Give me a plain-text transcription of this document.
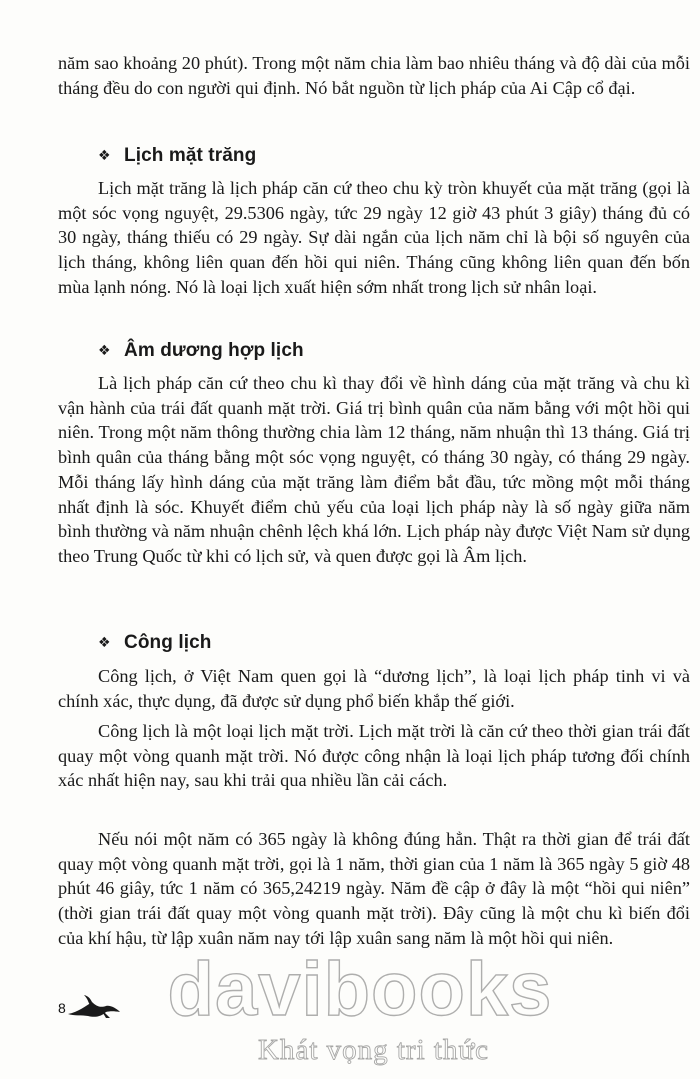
năm sao khoảng 20 phút). Trong một năm chia làm bao nhiêu tháng và độ dài của mỗi tháng đều do con người qui định. Nó bắt nguồn từ lịch pháp của Ai Cập cổ đại.

❖ Lịch mặt trăng

Lịch mặt trăng là lịch pháp căn cứ theo chu kỳ tròn khuyết của mặt trăng (gọi là một sóc vọng nguyệt, 29.5306 ngày, tức 29 ngày 12 giờ 43 phút 3 giây) tháng đủ có 30 ngày, tháng thiếu có 29 ngày. Sự dài ngắn của lịch năm chỉ là bội số nguyên của lịch tháng, không liên quan đến hồi qui niên. Tháng cũng không liên quan đến bốn mùa lạnh nóng. Nó là loại lịch xuất hiện sớm nhất trong lịch sử nhân loại.

❖ Âm dương hợp lịch

Là lịch pháp căn cứ theo chu kì thay đổi về hình dáng của mặt trăng và chu kì vận hành của trái đất quanh mặt trời. Giá trị bình quân của năm bằng với một hồi qui niên. Trong một năm thông thường chia làm 12 tháng, năm nhuận thì 13 tháng. Giá trị bình quân của tháng bằng một sóc vọng nguyệt, có tháng 30 ngày, có tháng 29 ngày. Mỗi tháng lấy hình dáng của mặt trăng làm điểm bắt đầu, tức mồng một mỗi tháng nhất định là sóc. Khuyết điểm chủ yếu của loại lịch pháp này là số ngày giữa năm bình thường và năm nhuận chênh lệch khá lớn. Lịch pháp này được Việt Nam sử dụng theo Trung Quốc từ khi có lịch sử, và quen được gọi là Âm lịch.

❖ Công lịch

Công lịch, ở Việt Nam quen gọi là “dương lịch”, là loại lịch pháp tinh vi và chính xác, thực dụng, đã được sử dụng phổ biến khắp thế giới.

Công lịch là một loại lịch mặt trời. Lịch mặt trời là căn cứ theo thời gian trái đất quay một vòng quanh mặt trời. Nó được công nhận là loại lịch pháp tương đối chính xác nhất hiện nay, sau khi trải qua nhiều lần cải cách.

Nếu nói một năm có 365 ngày là không đúng hẳn. Thật ra thời gian để trái đất quay một vòng quanh mặt trời, gọi là 1 năm, thời gian của 1 năm là 365 ngày 5 giờ 48 phút 46 giây, tức 1 năm có 365,24219 ngày. Năm đề cập ở đây là một “hồi qui niên” (thời gian trái đất quay một vòng quanh mặt trời). Đây cũng là một chu kì biến đổi của khí hậu, từ lập xuân năm nay tới lập xuân sang năm là một hồi qui niên.

davibooks
Khát vọng tri thức
8
